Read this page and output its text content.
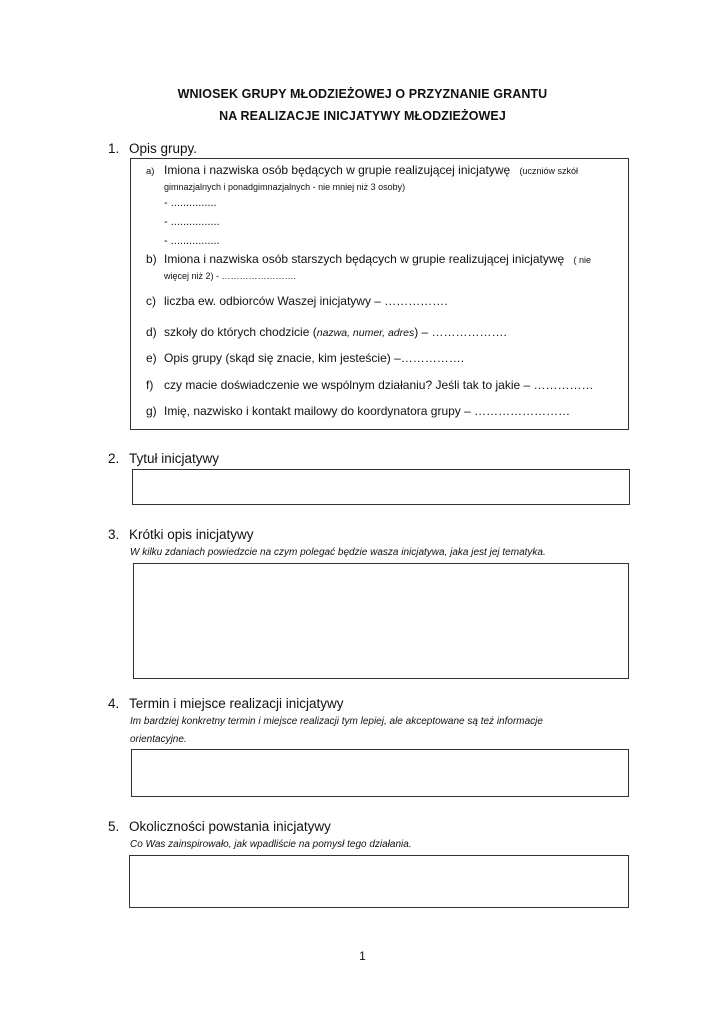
WNIOSEK GRUPY MŁODZIEŻOWEJ O PRZYZNANIE GRANTU
NA REALIZACJE INICJATYWY MŁODZIEŻOWEJ
1. Opis grupy.
a) Imiona i nazwiska osób będących w grupie realizującej inicjatywę (uczniów szkół
gimnazjalnych i ponadgimnazjalnych - nie mniej niż 3 osoby)
- ...............
- ................
- ................
b) Imiona i nazwiska osób starszych będących w grupie realizującej inicjatywę ( nie
więcej niż 2) - …………………….
c) liczba ew. odbiorców Waszej inicjatywy – …………….
d) szkoły do których chodzicie (nazwa, numer, adres) – ……………….
e) Opis grupy (skąd się znacie, kim jesteście) –…………….
f) czy macie doświadczenie we wspólnym działaniu? Jeśli tak to jakie – ……………
g) Imię, nazwisko i kontakt mailowy do koordynatora grupy – ……………………
2. Tytuł inicjatywy
3. Krótki opis inicjatywy
W kilku zdaniach powiedzcie na czym polegać będzie wasza inicjatywa, jaka jest jej tematyka.
4. Termin i miejsce realizacji inicjatywy
Im bardziej konkretny termin i miejsce realizacji tym lepiej, ale akceptowane są też informacje
orientacyjne.
5. Okoliczności powstania inicjatywy
Co Was zainspirowało, jak wpadliście na pomysł tego działania.
1
